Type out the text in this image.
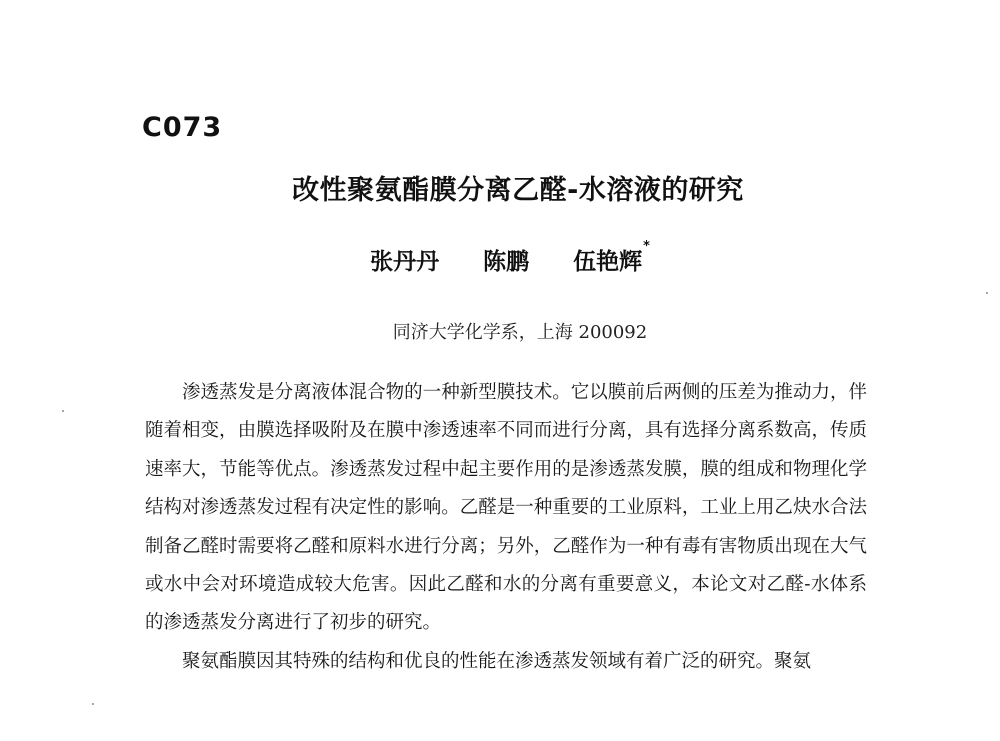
C073
改性聚氨酯膜分离乙醛-水溶液的研究
张丹丹 陈鹏 伍艳辉*
同济大学化学系，上海 200092

渗透蒸发是分离液体混合物的一种新型膜技术。它以膜前后两侧的压差为推动力，伴随着相变，由膜选择吸附及在膜中渗透速率不同而进行分离，具有选择分离系数高，传质速率大，节能等优点。渗透蒸发过程中起主要作用的是渗透蒸发膜，膜的组成和物理化学结构对渗透蒸发过程有决定性的影响。乙醛是一种重要的工业原料，工业上用乙炔水合法制备乙醛时需要将乙醛和原料水进行分离；另外，乙醛作为一种有毒有害物质出现在大气或水中会对环境造成较大危害。因此乙醛和水的分离有重要意义，本论文对乙醛-水体系的渗透蒸发分离进行了初步的研究。

聚氨酯膜因其特殊的结构和优良的性能在渗透蒸发领域有着广泛的研究。聚氨
